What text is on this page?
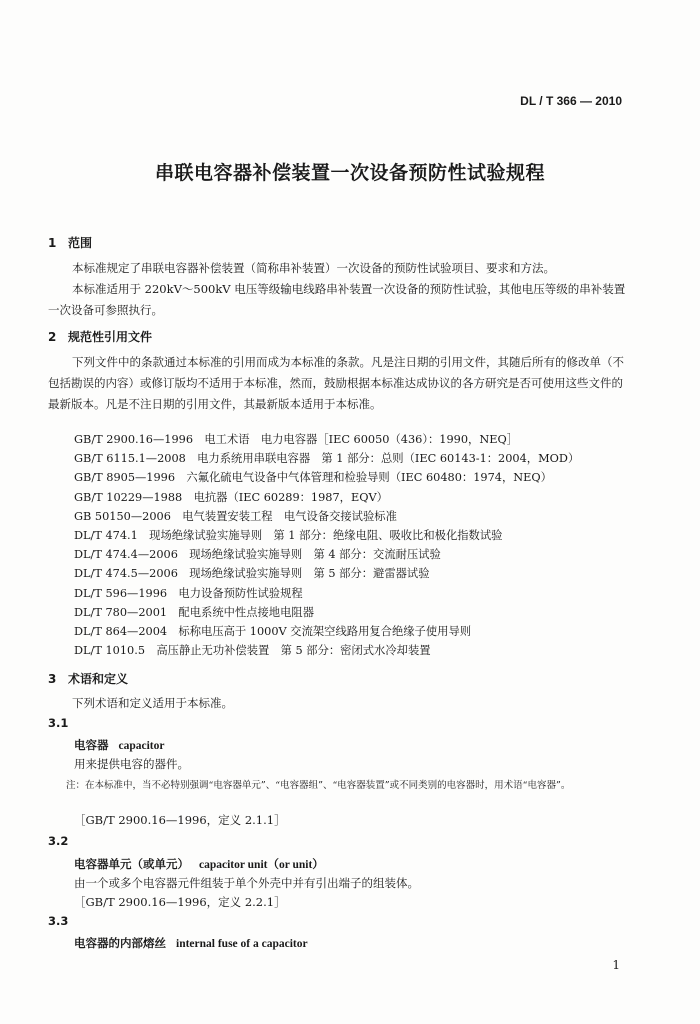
DL / T 366 — 2010
串联电容器补偿装置一次设备预防性试验规程
1 范围
本标准规定了串联电容器补偿装置（简称串补装置）一次设备的预防性试验项目、要求和方法。
本标准适用于 220kV～500kV 电压等级输电线路串补装置一次设备的预防性试验，其他电压等级的串补装置一次设备可参照执行。
2 规范性引用文件
下列文件中的条款通过本标准的引用而成为本标准的条款。凡是注日期的引用文件，其随后所有的修改单（不包括勘误的内容）或修订版均不适用于本标准，然而，鼓励根据本标准达成协议的各方研究是否可使用这些文件的最新版本。凡是不注日期的引用文件，其最新版本适用于本标准。
GB/T 2900.16—1996　 电工术语　电力电容器［IEC 60050（436）：1990，NEQ］
GB/T 6115.1—2008　 电力系统用串联电容器　第 1 部分：总则（IEC 60143-1：2004，MOD）
GB/T 8905—1996　 六氟化硫电气设备中气体管理和检验导则（IEC 60480：1974，NEQ）
GB/T 10229—1988　 电抗器（IEC 60289：1987，EQV）
GB 50150—2006　 电气装置安装工程　电气设备交接试验标准
DL/T 474.1　 现场绝缘试验实施导则　第 1 部分：绝缘电阻、吸收比和极化指数试验
DL/T 474.4—2006　 现场绝缘试验实施导则　第 4 部分：交流耐压试验
DL/T 474.5—2006　 现场绝缘试验实施导则　第 5 部分：避雷器试验
DL/T 596—1996　 电力设备预防性试验规程
DL/T 780—2001　 配电系统中性点接地电阻器
DL/T 864—2004　 标称电压高于 1000V 交流架空线路用复合绝缘子使用导则
DL/T 1010.5　 高压静止无功补偿装置　第 5 部分：密闭式水冷却装置
3 术语和定义
下列术语和定义适用于本标准。
3.1
电容器 capacitor
用来提供电容的器件。
注：在本标准中，当不必特别强调“电容器单元”、“电容器组”、“电容器装置”或不同类别的电容器时，用术语“电容器”。
［GB/T 2900.16—1996，定义 2.1.1］
3.2
电容器单元（或单元） capacitor unit（or unit）
由一个或多个电容器元件组装于单个外壳中并有引出端子的组装体。
［GB/T 2900.16—1996，定义 2.2.1］
3.3
电容器的内部熔丝 internal fuse of a capacitor
1
